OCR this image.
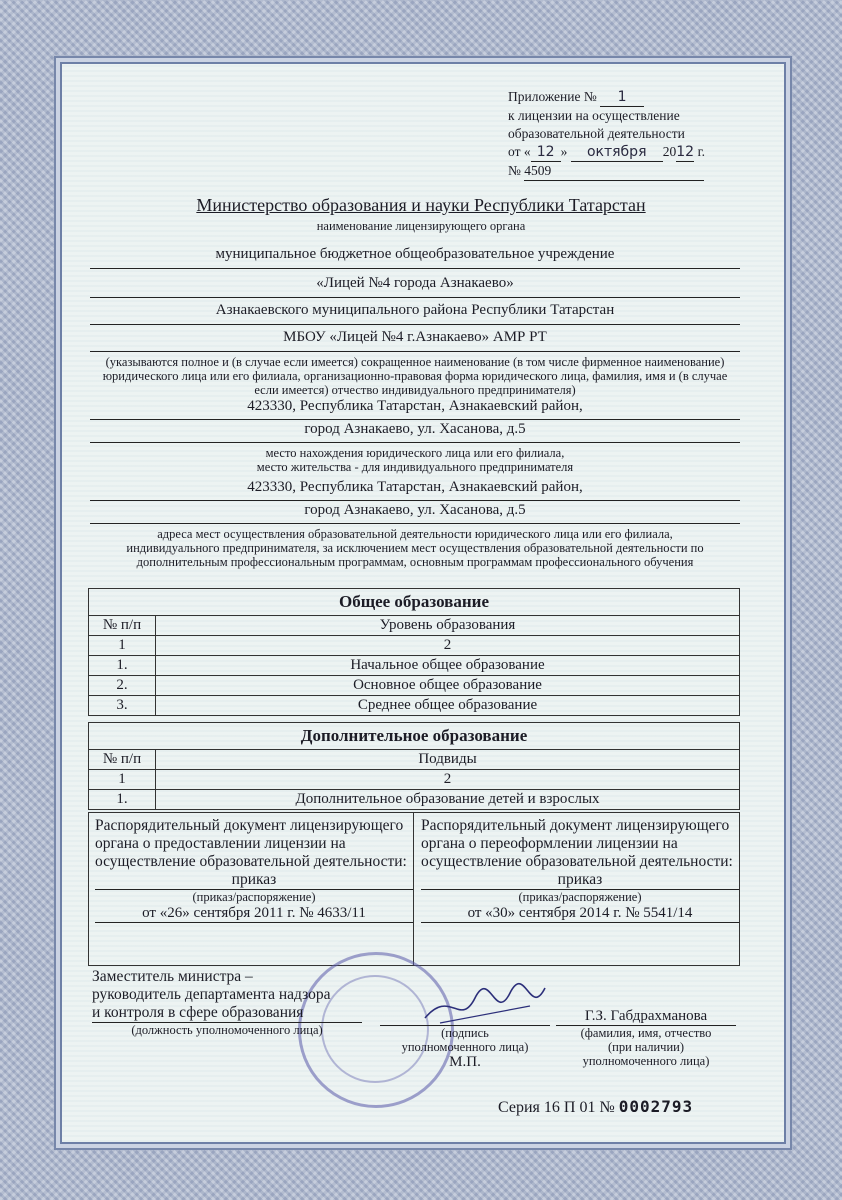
Приложение № 1
к лицензии на осуществление
образовательной деятельности
от « 12 » октября 2012 г.
№ 4509
Министерство образования и науки Республики Татарстан
наименование лицензирующего органа
муниципальное бюджетное общеобразовательное учреждение
«Лицей №4 города Азнакаево»
Азнакаевского муниципального района Республики Татарстан
МБОУ «Лицей №4 г.Азнакаево» АМР РТ
(указываются полное и (в случае если имеется) сокращенное наименование (в том числе фирменное наименование) юридического лица или его филиала, организационно-правовая форма юридического лица, фамилия, имя и (в случае если имеется) отчество индивидуального предпринимателя)
423330, Республика Татарстан, Азнакаевский район,
город Азнакаево, ул. Хасанова, д.5
место нахождения юридического лица или его филиала,
место жительства - для индивидуального предпринимателя
423330, Республика Татарстан, Азнакаевский район,
город Азнакаево, ул. Хасанова, д.5
адреса мест осуществления образовательной деятельности юридического лица или его филиала, индивидуального предпринимателя, за исключением мест осуществления образовательной деятельности по дополнительным профессиональным программам, основным программам профессионального обучения
Общее образование	
№ п/п	Уровень образования
1	2
1.	Начальное общее образование
2.	Основное общее образование
3.	Среднее общее образование
Дополнительное образование	
№ п/п	Подвиды
1	2
1.	Дополнительное образование детей и взрослых
Распорядительный документ лицензирующего органа о предоставлении лицензии на осуществление образовательной деятельности:
приказ
(приказ/распоряжение)
от «26» сентября 2011 г. № 4633/11
Распорядительный документ лицензирующего органа о переоформлении лицензии на осуществление образовательной деятельности:
приказ
(приказ/распоряжение)
от «30» сентября 2014 г. № 5541/14
Заместитель министра –
руководитель департамента надзора
и контроля в сфере образования
(должность уполномоченного лица)	(подпись
уполномоченного лица)
М.П.
Г.З. Габдрахманова
(фамилия, имя, отчество
(при наличии)
уполномоченного лица)
Серия 16 П 01 № 0002793
